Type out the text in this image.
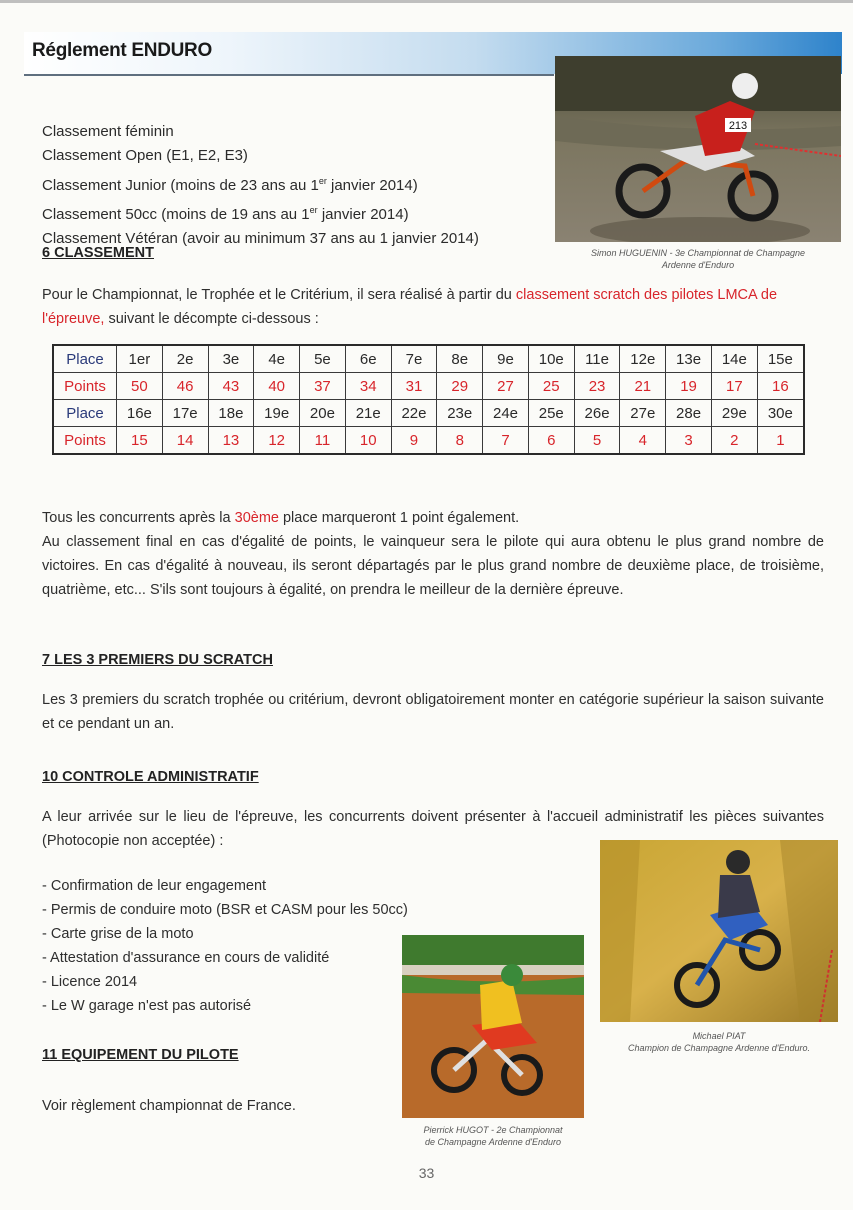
Réglement ENDURO
213
Simon HUGUENIN - 3e Championnat de Champagne
Ardenne d'Enduro
Classement féminin
Classement Open (E1, E2, E3)
Classement Junior (moins de 23 ans au 1er janvier 2014)
Classement 50cc (moins de 19 ans au 1er janvier 2014)
Classement Vétéran (avoir au minimum 37 ans au 1 janvier 2014)
6 CLASSEMENT
Pour le Championnat, le Trophée et le Critérium, il sera réalisé à partir du classement scratch des pilotes LMCA de l'épreuve, suivant le décompte ci-dessous :
Place	1er	2e	3e	4e	5e	6e	7e	8e	9e	10e	11e	12e	13e	14e	15e
Points	50	46	43	40	37	34	31	29	27	25	23	21	19	17	16
Place	16e	17e	18e	19e	20e	21e	22e	23e	24e	25e	26e	27e	28e	29e	30e
Points	15	14	13	12	11	10	9	8	7	6	5	4	3	2	1
Tous les concurrents après la 30ème place marqueront 1 point également.
Au classement final en cas d'égalité de points, le vainqueur sera le pilote qui aura obtenu le plus grand nombre de victoires. En cas d'égalité à nouveau, ils seront départagés par le plus grand nombre de deuxième place, de troisième, quatrième, etc... S'ils sont toujours à égalité, on prendra le meilleur de la dernière épreuve.
7 LES 3 PREMIERS DU SCRATCH
Les 3 premiers du scratch trophée ou critérium, devront obligatoirement monter en catégorie supérieur la saison suivante et ce pendant un an.
10 CONTROLE ADMINISTRATIF
A leur arrivée sur le lieu de l'épreuve, les concurrents doivent présenter à l'accueil administratif les pièces suivantes (Photocopie non acceptée) :
- Confirmation de leur engagement
- Permis de conduire moto (BSR et CASM pour les 50cc)
- Carte grise de la moto
- Attestation d'assurance en cours de validité
- Licence 2014
- Le W garage n'est pas autorisé
11 EQUIPEMENT DU PILOTE
Voir règlement championnat de France.
Michael PIAT
Champion de Champagne Ardenne d'Enduro.
Pierrick HUGOT - 2e Championnat
de Champagne Ardenne d'Enduro
33
